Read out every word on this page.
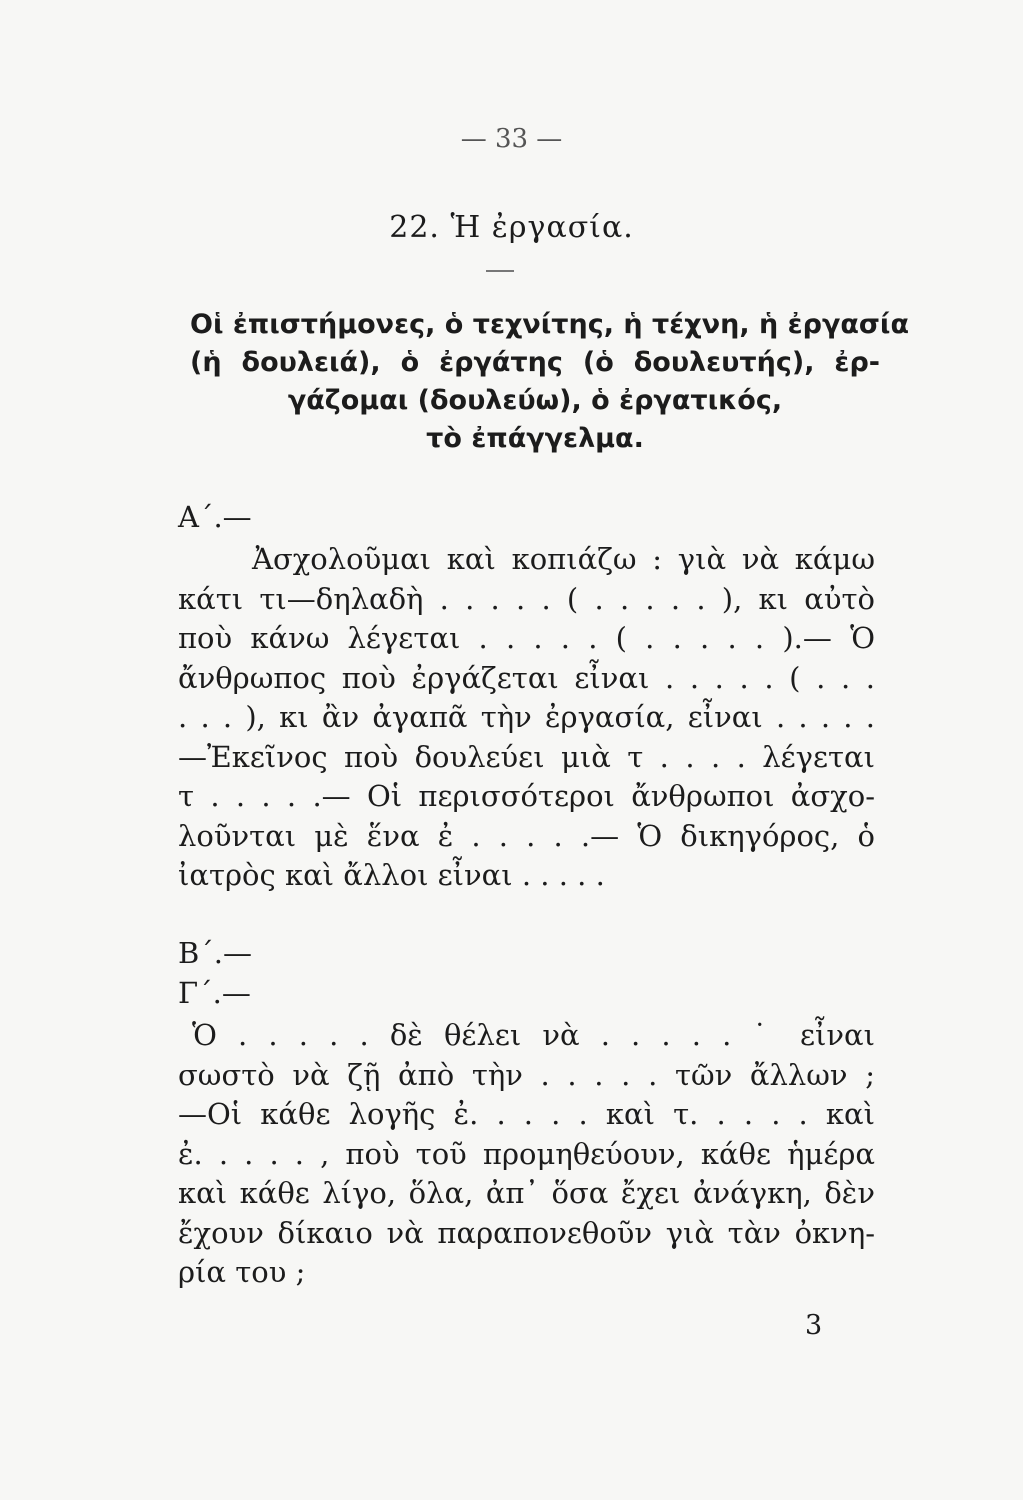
— 33 —
22. Ἡ ἐργασία.
Οἱ ἐπιστήμονες, ὁ τεχνίτης, ἡ τέχνη, ἡ ἐργασία
(ἡ δουλειά), ὁ ἐργάτης (ὁ δουλευτής), ἐρ-
γάζομαι (δουλεύω), ὁ ἐργατικός,
τὸ ἐπάγγελμα.
Α΄.—
Ἀσχολοῦμαι καὶ κοπιάζω : γιὰ νὰ κάμω
κάτι τι—δηλαδὴ . . . . . ( . . . . . ), κι αὐτὸ
ποὺ κάνω λέγεται . . . . . ( . . . . . ).— Ὁ
ἄνθρωπος ποὺ ἐργάζεται εἶναι . . . . . ( . . .
. . . ), κι ἂν ἀγαπᾶ τὴν ἐργασία, εἶναι . . . . .
—Ἐκεῖνος ποὺ δουλεύει μιὰ τ . . . . λέγεται
τ . . . . .— Οἱ περισσότεροι ἄνθρωποι ἀσχο-
λοῦνται μὲ ἕνα ἐ . . . . .— Ὁ δικηγόρος, ὁ
ἰατρὸς καὶ ἄλλοι εἶναι . . . . .
Β΄.—
Γ΄.—
Ὁ . . . . . δὲ θέλει νὰ . . . . . ˙ εἶναι
σωστὸ νὰ ζῇ ἀπὸ τὴν . . . . . τῶν ἄλλων ;
—Οἱ κάθε λογῆς ἐ. . . . . καὶ τ. . . . . καὶ
ἐ. . . . . , ποὺ τοῦ προμηθεύουν, κάθε ἡμέρα
καὶ κάθε λίγο, ὅλα, ἀπ᾿ ὅσα ἔχει ἀνάγκη, δὲν
ἔχουν δίκαιο νὰ παραπονεθοῦν γιὰ τὰν ὀκνη-
ρία του ;
3
